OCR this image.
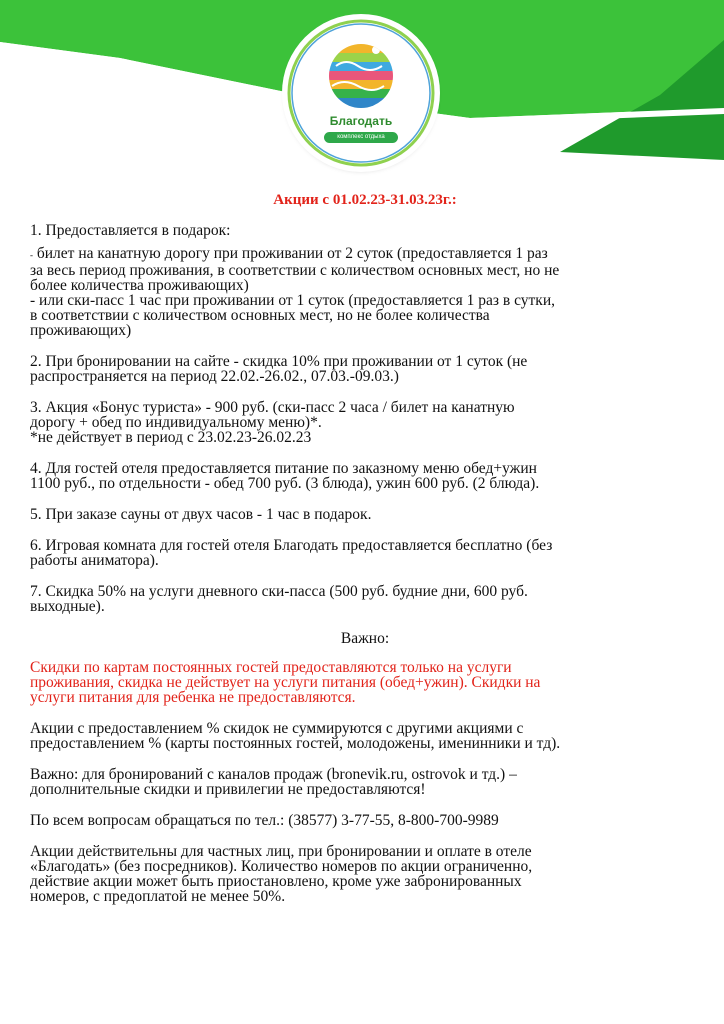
Благодать
комплекс отдыха
Акции с 01.02.23-31.03.23г.:
1. Предоставляется в подарок:
- билет на канатную дорогу при проживании от 2 суток (предоставляется 1 раз
за весь период проживания, в соответствии с количеством основных мест, но не
более количества проживающих)
- или ски-пасс 1 час при проживании от 1 суток (предоставляется 1 раз в сутки,
в соответствии с количеством основных мест, но не более количества
проживающих)
2. При бронировании на сайте - скидка 10% при проживании от 1 суток (не
распространяется на период 22.02.-26.02., 07.03.-09.03.)
3. Акция «Бонус туриста» - 900 руб. (ски-пасс 2 часа / билет на канатную
дорогу + обед по индивидуальному меню)*.
*не действует в период с 23.02.23-26.02.23
4. Для гостей отеля предоставляется питание по заказному меню обед+ужин
1100 руб., по отдельности - обед 700 руб. (3 блюда), ужин 600 руб. (2 блюда).
5. При заказе сауны от двух часов - 1 час в подарок.
6. Игровая комната для гостей отеля Благодать предоставляется бесплатно (без
работы аниматора).
7. Скидка 50% на услуги дневного ски-пасса (500 руб. будние дни, 600 руб.
выходные).
Важно:
Скидки по картам постоянных гостей предоставляются только на услуги
проживания, скидка не действует на услуги питания (обед+ужин). Скидки на
услуги питания для ребенка не предоставляются.
Акции с предоставлением % скидок не суммируются с другими акциями с
предоставлением % (карты постоянных гостей, молодожены, именинники и тд).
Важно: для бронирований с каналов продаж (bronevik.ru, ostrovok и тд.) –
дополнительные скидки и привилегии не предоставляются!
По всем вопросам обращаться по тел.: (38577) 3-77-55, 8-800-700-9989
Акции действительны для частных лиц, при бронировании и оплате в отеле
«Благодать» (без посредников). Количество номеров по акции ограниченно,
действие акции может быть приостановлено, кроме уже забронированных
номеров, с предоплатой не менее 50%.
